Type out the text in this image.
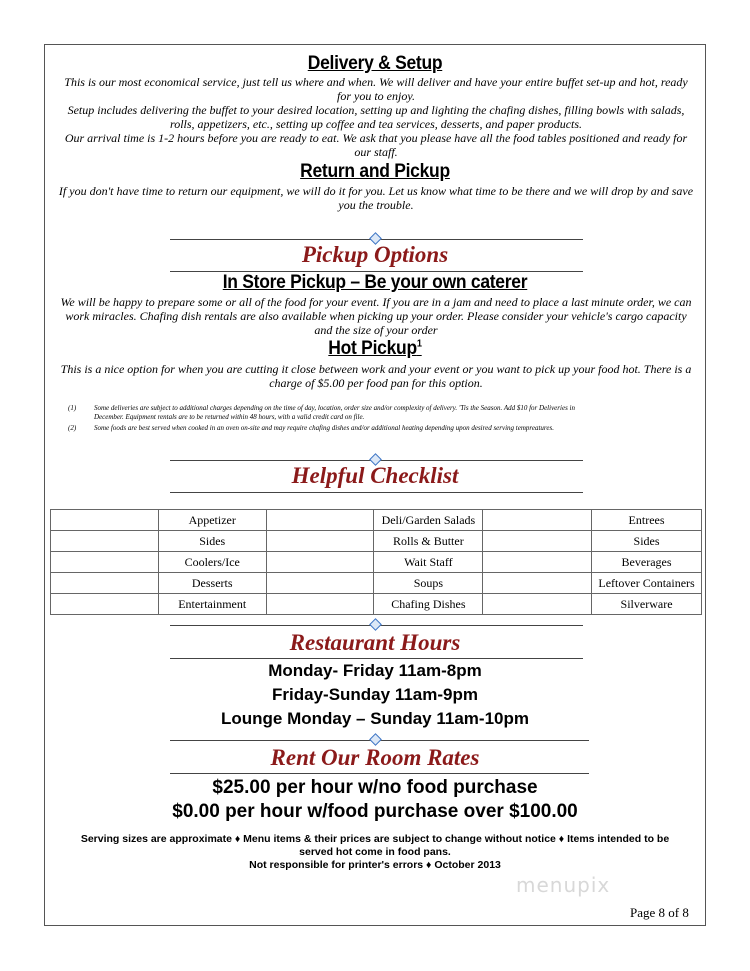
Delivery & Setup
This is our most economical service, just tell us where and when. We will deliver and have your entire buffet set-up and hot, ready
for you to enjoy.
Setup includes delivering the buffet to your desired location, setting up and lighting the chafing dishes, filling bowls with salads,
rolls, appetizers, etc., setting up coffee and tea services, desserts, and paper products.
Our arrival time is 1-2 hours before you are ready to eat. We ask that you please have all the food tables positioned and ready for
our staff.
Return and Pickup
If you don't have time to return our equipment, we will do it for you. Let us know what time to be there and we will drop by and save
you the trouble.
Pickup Options
In Store Pickup – Be your own caterer
We will be happy to prepare some or all of the food for your event. If you are in a jam and need to place a last minute order, we can
work miracles. Chafing dish rentals are also available when picking up your order. Please consider your vehicle's cargo capacity
and the size of your order
Hot Pickup$^1$
This is a nice option for when you are cutting it close between work and your event or you want to pick up your food hot. There is a
charge of $5.00 per food pan for this option.
(1)	Some deliveries are subject to additional charges depending on the time of day, location, order size and/or complexity of delivery. 'Tis the Season. Add $10 for Deliveries in
December. Equipment rentals are to be returned within 48 hours, with a valid credit card on file.
(2)	Some foods are best served when cooked in an oven on-site and may require chafing dishes and/or additional heating depending upon desired serving tempreatures.
Helpful Checklist
	Appetizer		Deli/Garden Salads		Entrees
	Sides		Rolls & Butter		Sides
	Coolers/Ice		Wait Staff		Beverages
	Desserts		Soups		Leftover Containers
	Entertainment		Chafing Dishes		Silverware
Restaurant Hours
Monday- Friday 11am-8pm
Friday-Sunday 11am-9pm
Lounge Monday – Sunday 11am-10pm
Rent Our Room Rates
$25.00 per hour w/no food purchase
$0.00 per hour w/food purchase over $100.00
Serving sizes are approximate ♦ Menu items & their prices are subject to change without notice ♦ Items intended to be
served hot come in food pans.
Not responsible for printer's errors ♦ October 2013
menupix
Page 8 of 8
